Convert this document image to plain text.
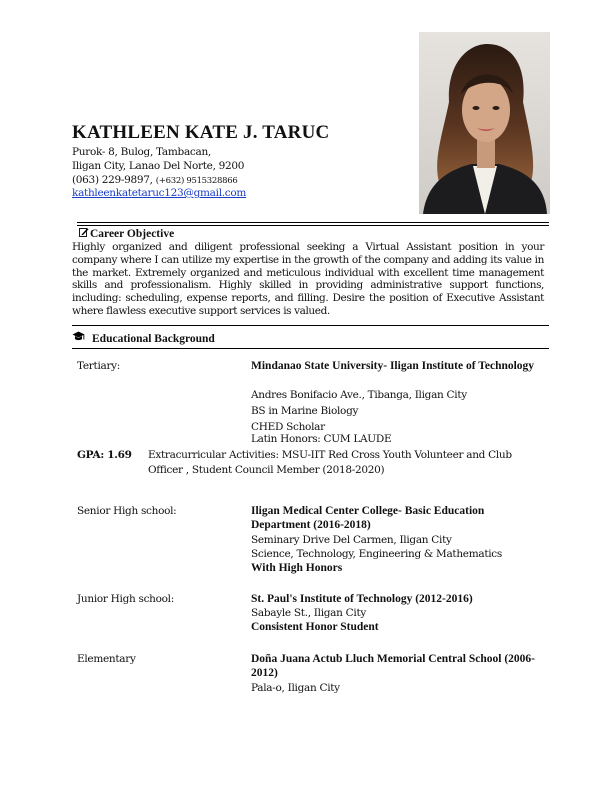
KATHLEEN KATE J. TARUC
Purok- 8, Bulog, Tambacan,
Iligan City, Lanao Del Norte, 9200
(063) 229-9897, (+632) 9515328866
kathleenkatetaruc123@gmail.com
Career Objective
Highly organized and diligent professional seeking a Virtual Assistant position in your company where I can utilize my expertise in the growth of the company and adding its value in the market. Extremely organized and meticulous individual with excellent time management skills and professionalism. Highly skilled in providing administrative support functions, including: scheduling, expense reports, and filling. Desire the position of Executive Assistant where flawless executive support services is valued.
Educational Background
Tertiary:	Mindanao State University- Iligan Institute of Technology
Andres Bonifacio Ave., Tibanga, Iligan City
BS in Marine Biology
CHED Scholar
Latin Honors: CUM LAUDE
GPA: 1.69 Extracurricular Activities: MSU-IIT Red Cross Youth Volunteer and Club
Officer , Student Council Member (2018-2020)
Senior High school:	Iligan Medical Center College- Basic Education Department (2016-2018)
Seminary Drive Del Carmen, Iligan City
Science, Technology, Engineering & Mathematics
With High Honors
Junior High school:	St. Paul's Institute of Technology (2012-2016)
Sabayle St., Iligan City
Consistent Honor Student
Elementary	Doña Juana Actub Lluch Memorial Central School (2006-2012)
Pala-o, Iligan City
